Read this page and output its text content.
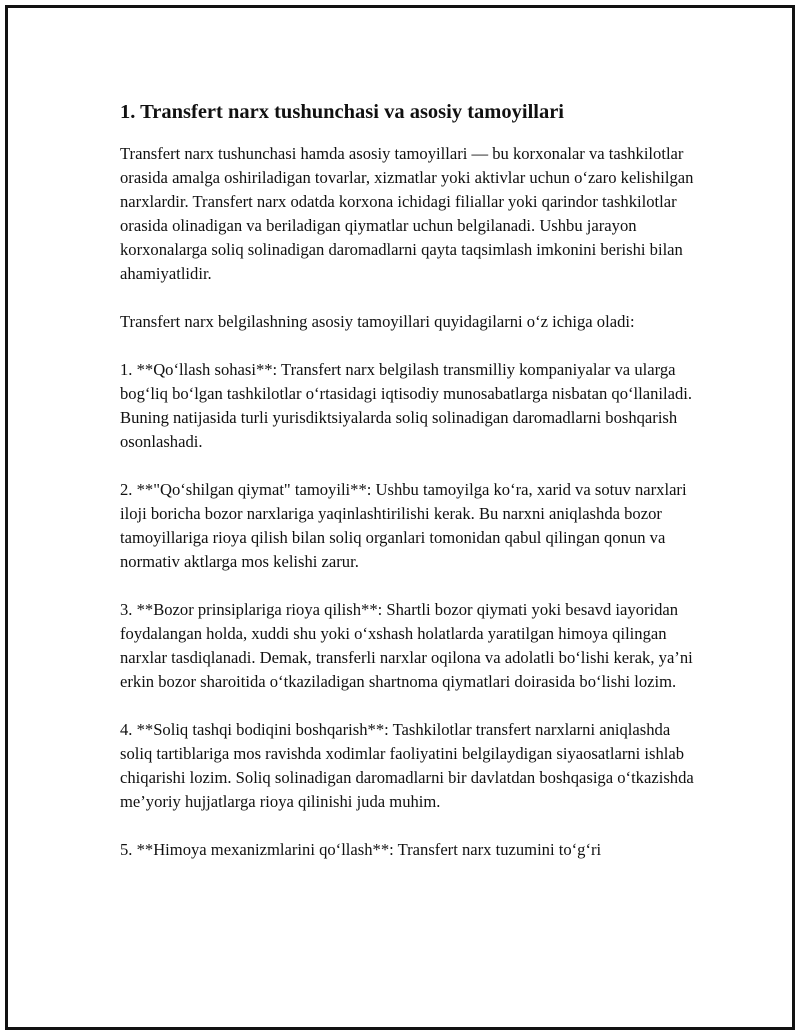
1. Transfert narx tushunchasi va asosiy tamoyillari

Transfert narx tushunchasi hamda asosiy tamoyillari — bu korxonalar va tashkilotlar orasida amalga oshiriladigan tovarlar, xizmatlar yoki aktivlar uchun o‘zaro kelishilgan narxlardir. Transfert narx odatda korxona ichidagi filiallar yoki qarindor tashkilotlar orasida olinadigan va beriladigan qiymatlar uchun belgilanadi. Ushbu jarayon korxonalarga soliq solinadigan daromadlarni qayta taqsimlash imkonini berishi bilan ahamiyatlidir.

Transfert narx belgilashning asosiy tamoyillari quyidagilarni o‘z ichiga oladi:

1. **Qo‘llash sohasi**: Transfert narx belgilash transmilliy kompaniyalar va ularga bog‘liq bo‘lgan tashkilotlar o‘rtasidagi iqtisodiy munosabatlarga nisbatan qo‘llaniladi. Buning natijasida turli yurisdiktsiyalarda soliq solinadigan daromadlarni boshqarish osonlashadi.

2. **"Qo‘shilgan qiymat" tamoyili**: Ushbu tamoyilga ko‘ra, xarid va sotuv narxlari iloji boricha bozor narxlariga yaqinlashtirilishi kerak. Bu narxni aniqlashda bozor tamoyillariga rioya qilish bilan soliq organlari tomonidan qabul qilingan qonun va normativ aktlarga mos kelishi zarur.

3. **Bozor prinsiplariga rioya qilish**: Shartli bozor qiymati yoki besavd iayoridan foydalangan holda, xuddi shu yoki o‘xshash holatlarda yaratilgan himoya qilingan narxlar tasdiqlanadi. Demak, transferli narxlar oqilona va adolatli bo‘lishi kerak, ya’ni erkin bozor sharoitida o‘tkaziladigan shartnoma qiymatlari doirasida bo‘lishi lozim.

4. **Soliq tashqi bodiqini boshqarish**: Tashkilotlar transfert narxlarni aniqlashda soliq tartiblariga mos ravishda xodimlar faoliyatini belgilaydigan siyaosatlarni ishlab chiqarishi lozim. Soliq solinadigan daromadlarni bir davlatdan boshqasiga o‘tkazishda me’yoriy hujjatlarga rioya qilinishi juda muhim.

5. **Himoya mexanizmlarini qo‘llash**: Transfert narx tuzumini to‘g‘ri
